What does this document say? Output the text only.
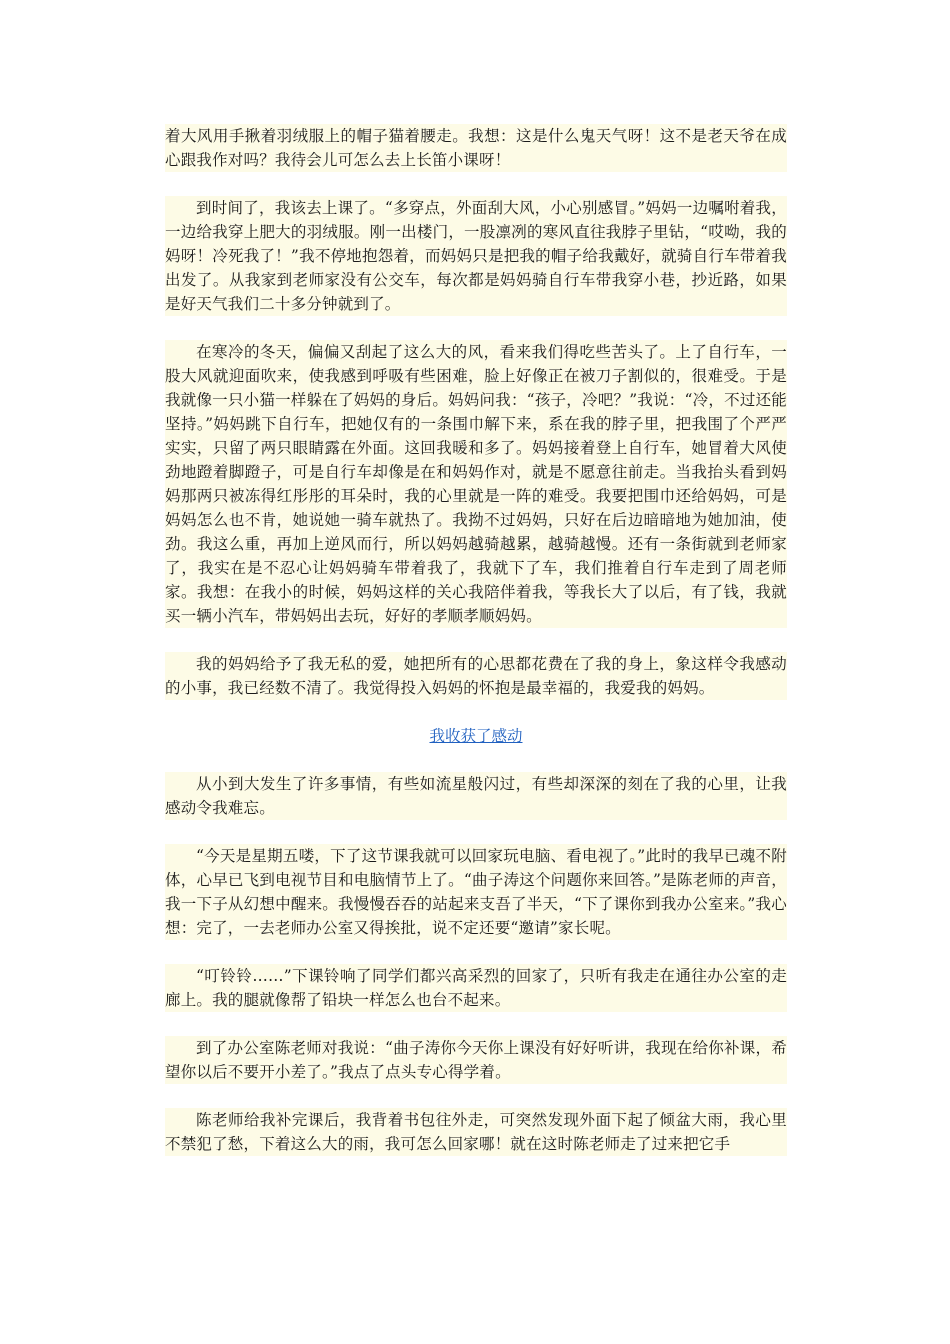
着大风用手揪着羽绒服上的帽子猫着腰走。我想：这是什么鬼天气呀！这不是老天爷在成心跟我作对吗？我待会儿可怎么去上长笛小课呀！

到时间了，我该去上课了。“多穿点，外面刮大风，小心别感冒。”妈妈一边嘱咐着我，一边给我穿上肥大的羽绒服。刚一出楼门，一股凛冽的寒风直往我脖子里钻，“哎呦，我的妈呀！冷死我了！”我不停地抱怨着，而妈妈只是把我的帽子给我戴好，就骑自行车带着我出发了。从我家到老师家没有公交车，每次都是妈妈骑自行车带我穿小巷，抄近路，如果是好天气我们二十多分钟就到了。

在寒冷的冬天，偏偏又刮起了这么大的风，看来我们得吃些苦头了。上了自行车，一股大风就迎面吹来，使我感到呼吸有些困难，脸上好像正在被刀子割似的，很难受。于是我就像一只小猫一样躲在了妈妈的身后。妈妈问我：“孩子，冷吧？”我说：“冷，不过还能坚持。”妈妈跳下自行车，把她仅有的一条围巾解下来，系在我的脖子里，把我围了个严严实实，只留了两只眼睛露在外面。这回我暖和多了。妈妈接着登上自行车，她冒着大风使劲地蹬着脚蹬子，可是自行车却像是在和妈妈作对，就是不愿意往前走。当我抬头看到妈妈那两只被冻得红彤彤的耳朵时，我的心里就是一阵的难受。我要把围巾还给妈妈，可是妈妈怎么也不肯，她说她一骑车就热了。我拗不过妈妈，只好在后边暗暗地为她加油，使劲。我这么重，再加上逆风而行，所以妈妈越骑越累，越骑越慢。还有一条街就到老师家了，我实在是不忍心让妈妈骑车带着我了，我就下了车，我们推着自行车走到了周老师家。我想：在我小的时候，妈妈这样的关心我陪伴着我，等我长大了以后，有了钱，我就买一辆小汽车，带妈妈出去玩，好好的孝顺孝顺妈妈。

我的妈妈给予了我无私的爱，她把所有的心思都花费在了我的身上，象这样令我感动的小事，我已经数不清了。我觉得投入妈妈的怀抱是最幸福的，我爱我的妈妈。

我收获了感动

从小到大发生了许多事情，有些如流星般闪过，有些却深深的刻在了我的心里，让我感动令我难忘。

“今天是星期五喽，下了这节课我就可以回家玩电脑、看电视了。”此时的我早已魂不附体，心早已飞到电视节目和电脑情节上了。“曲子涛这个问题你来回答。”是陈老师的声音，我一下子从幻想中醒来。我慢慢吞吞的站起来支吾了半天，“下了课你到我办公室来。”我心想：完了，一去老师办公室又得挨批，说不定还要“邀请”家长呢。

“叮铃铃……”下课铃响了同学们都兴高采烈的回家了，只听有我走在通往办公室的走廊上。我的腿就像帮了铅块一样怎么也台不起来。

到了办公室陈老师对我说：“曲子涛你今天你上课没有好好听讲，我现在给你补课，希望你以后不要开小差了。”我点了点头专心得学着。

陈老师给我补完课后，我背着书包往外走，可突然发现外面下起了倾盆大雨，我心里不禁犯了愁，下着这么大的雨，我可怎么回家哪！就在这时陈老师走了过来把它手
